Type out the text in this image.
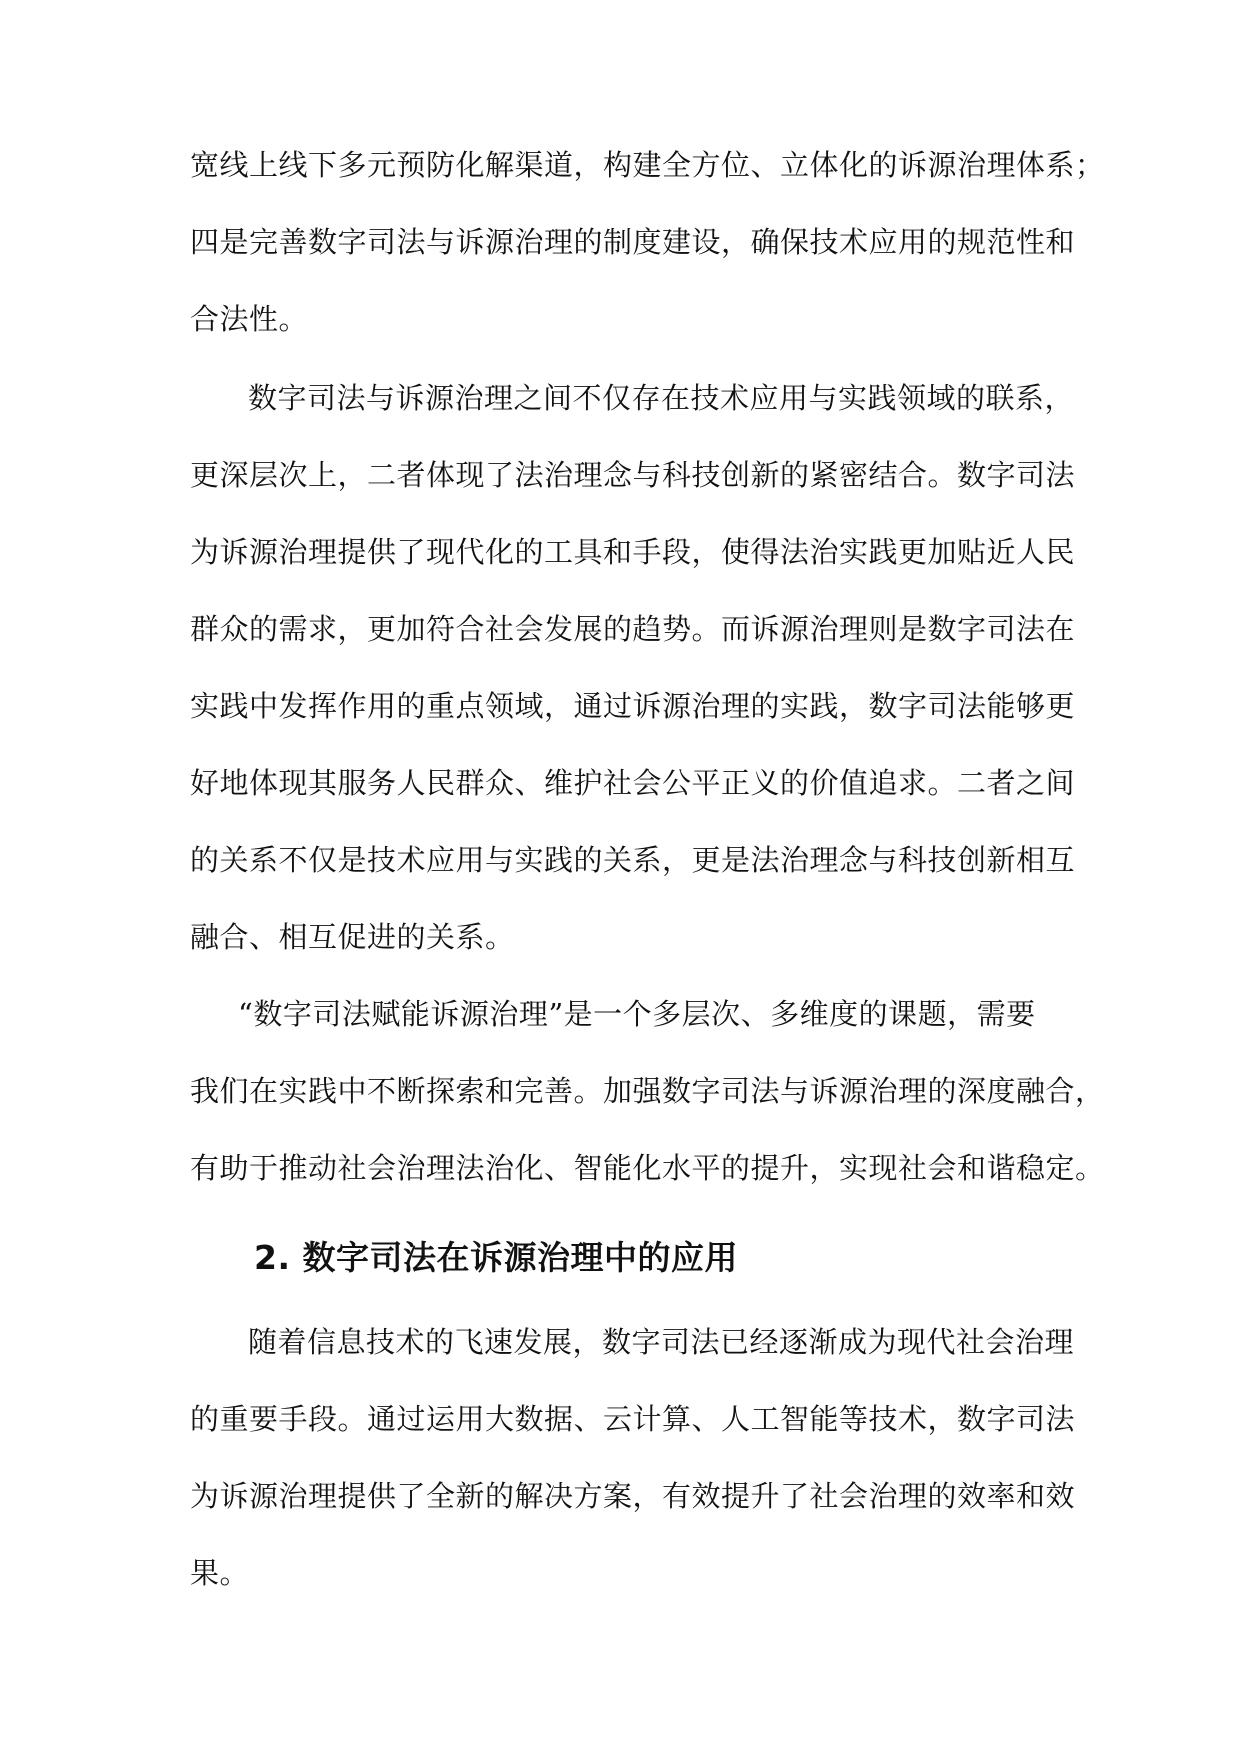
宽线上线下多元预防化解渠道，构建全方位、立体化的诉源治理体系；
四是完善数字司法与诉源治理的制度建设，确保技术应用的规范性和
合法性。
数字司法与诉源治理之间不仅存在技术应用与实践领域的联系，
更深层次上，二者体现了法治理念与科技创新的紧密结合。数字司法
为诉源治理提供了现代化的工具和手段，使得法治实践更加贴近人民
群众的需求，更加符合社会发展的趋势。而诉源治理则是数字司法在
实践中发挥作用的重点领域，通过诉源治理的实践，数字司法能够更
好地体现其服务人民群众、维护社会公平正义的价值追求。二者之间
的关系不仅是技术应用与实践的关系，更是法治理念与科技创新相互
融合、相互促进的关系。
“数字司法赋能诉源治理”是一个多层次、多维度的课题，需要
我们在实践中不断探索和完善。加强数字司法与诉源治理的深度融合，
有助于推动社会治理法治化、智能化水平的提升，实现社会和谐稳定。
2. 数字司法在诉源治理中的应用
随着信息技术的飞速发展，数字司法已经逐渐成为现代社会治理
的重要手段。通过运用大数据、云计算、人工智能等技术，数字司法
为诉源治理提供了全新的解决方案，有效提升了社会治理的效率和效
果。
